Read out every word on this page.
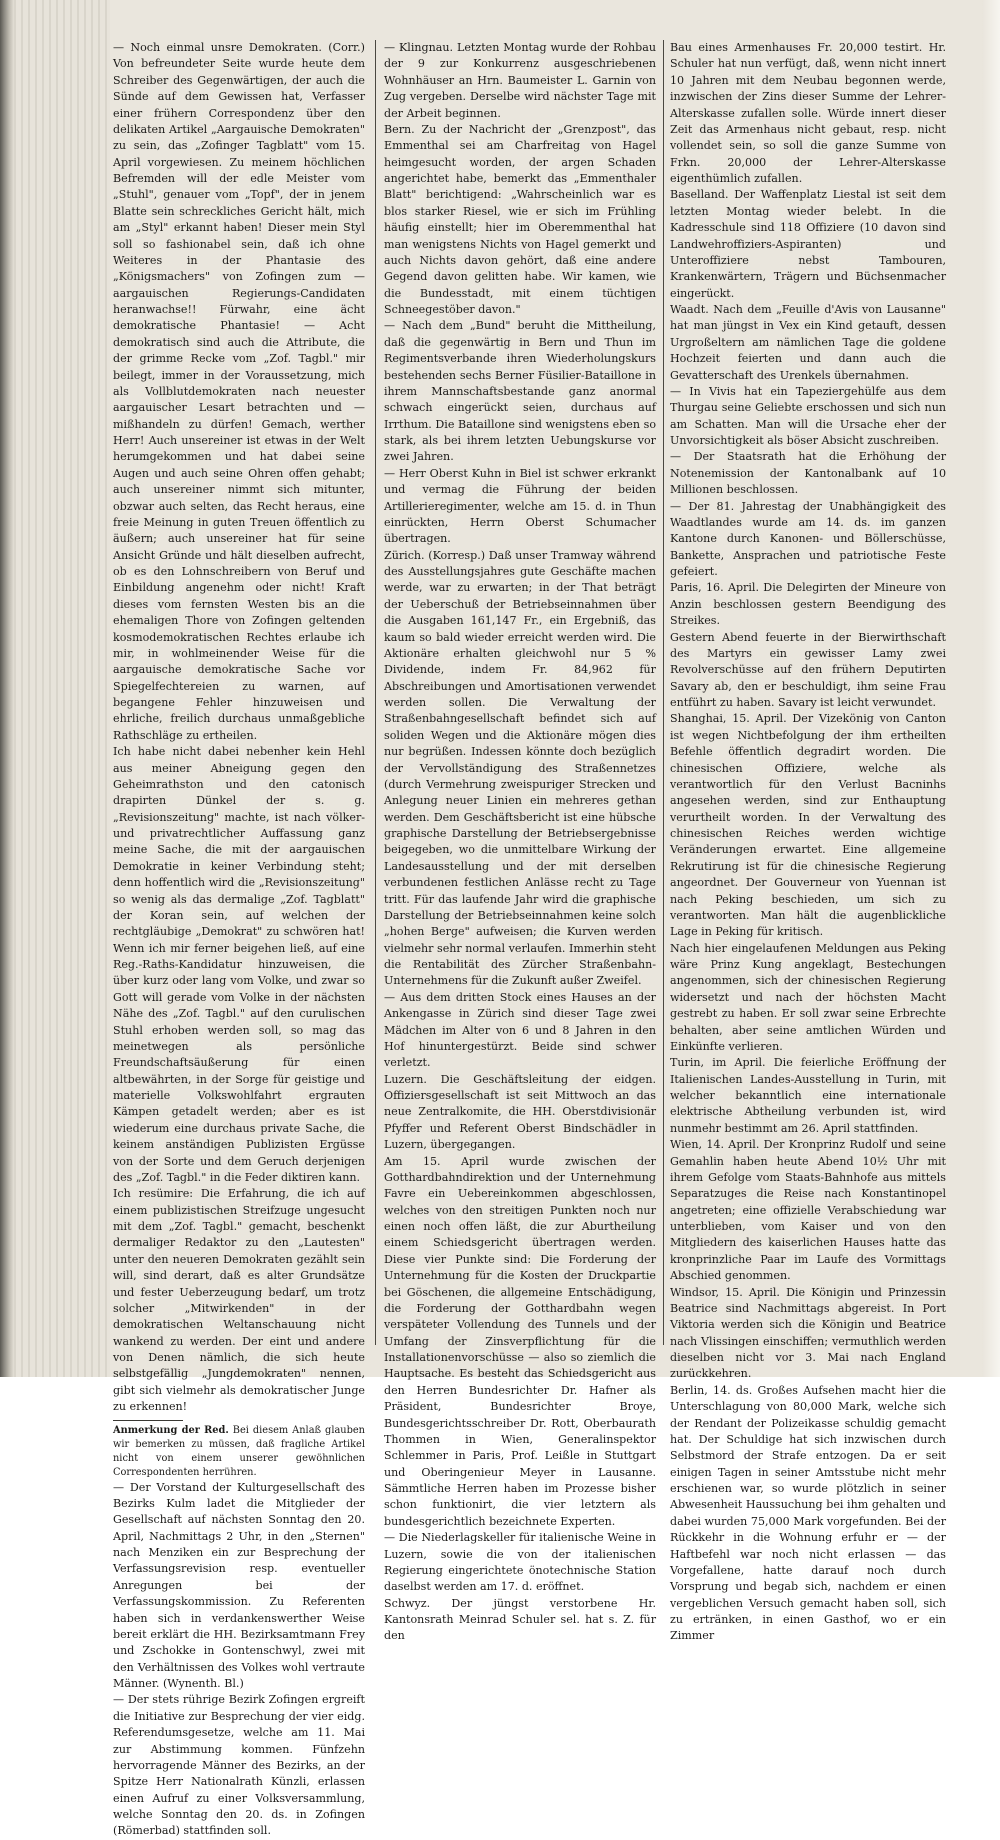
— Noch einmal unsre Demokraten. (Corr.) Von befreundeter Seite wurde heute dem Schreiber des Gegenwärtigen, der auch die Sünde auf dem Gewissen hat, Verfasser einer frühern Correspondenz über den delikaten Artikel „Aargauische Demokraten" zu sein, das „Zofinger Tagblatt" vom 15. April vorgewiesen. Zu meinem höchlichen Befremden will der edle Meister vom „Stuhl", genauer vom „Topf", der in jenem Blatte sein schreckliches Gericht hält, mich am „Styl" erkannt haben! Dieser mein Styl soll so fashionabel sein, daß ich ohne Weiteres in der Phantasie des „Königsmachers" von Zofingen zum — aargauischen Regierungs-Candidaten heranwachse!! Fürwahr, eine ächt demokratische Phantasie! — Acht demokratisch sind auch die Attribute, die der grimme Recke vom „Zof. Tagbl." mir beilegt, immer in der Voraussetzung, mich als Vollblutdemokraten nach neuester aargauischer Lesart betrachten und — mißhandeln zu dürfen! Gemach, werther Herr! Auch unsereiner ist etwas in der Welt herumgekommen und hat dabei seine Augen und auch seine Ohren offen gehabt; auch unsereiner nimmt sich mitunter, obzwar auch selten, das Recht heraus, eine freie Meinung in guten Treuen öffentlich zu äußern; auch unsereiner hat für seine Ansicht Gründe und hält dieselben aufrecht, ob es den Lohnschreibern von Beruf und Einbildung angenehm oder nicht! Kraft dieses vom fernsten Westen bis an die ehemaligen Thore von Zofingen geltenden kosmodemokratischen Rechtes erlaube ich mir, in wohlmeinender Weise für die aargauische demokratische Sache vor Spiegelfechtereien zu warnen, auf begangene Fehler hinzuweisen und ehrliche, freilich durchaus unmaßgebliche Rathschläge zu ertheilen.

Ich habe nicht dabei nebenher kein Hehl aus meiner Abneigung gegen den Geheimrathston und den catonisch drapirten Dünkel der s. g. „Revisionszeitung" machte, ist nach völker- und privatrechtlicher Auffassung ganz meine Sache, die mit der aargauischen Demokratie in keiner Verbindung steht; denn hoffentlich wird die „Revisionszeitung" so wenig als das dermalige „Zof. Tagblatt" der Koran sein, auf welchen der rechtgläubige „Demokrat" zu schwören hat! Wenn ich mir ferner beigehen ließ, auf eine Reg.-Raths-Kandidatur hinzuweisen, die über kurz oder lang vom Volke, und zwar so Gott will gerade vom Volke in der nächsten Nähe des „Zof. Tagbl." auf den curulischen Stuhl erhoben werden soll, so mag das meinetwegen als persönliche Freundschaftsäußerung für einen altbewährten, in der Sorge für geistige und materielle Volkswohlfahrt ergrauten Kämpen getadelt werden; aber es ist wiederum eine durchaus private Sache, die keinem anständigen Publizisten Ergüsse von der Sorte und dem Geruch derjenigen des „Zof. Tagbl." in die Feder diktiren kann.

Ich resümire: Die Erfahrung, die ich auf einem publizistischen Streifzuge ungesucht mit dem „Zof. Tagbl." gemacht, beschenkt dermaliger Redaktor zu den „Lautesten" unter den neueren Demokraten gezählt sein will, sind derart, daß es alter Grundsätze und fester Ueberzeugung bedarf, um trotz solcher „Mitwirkenden" in der demokratischen Weltanschauung nicht wankend zu werden. Der eint und andere von Denen nämlich, die sich heute selbstgefällig „Jungdemokraten" nennen, gibt sich vielmehr als demokratischer Junge zu erkennen!

Anmerkung der Red. Bei diesem Anlaß glauben wir bemerken zu müssen, daß fragliche Artikel nicht von einem unserer gewöhnlichen Correspondenten herrühren.

— Der Vorstand der Kulturgesellschaft des Bezirks Kulm ladet die Mitglieder der Gesellschaft auf nächsten Sonntag den 20. April, Nachmittags 2 Uhr, in den „Sternen" nach Menziken ein zur Besprechung der Verfassungsrevision resp. eventueller Anregungen bei der Verfassungskommission. Zu Referenten haben sich in verdankenswerther Weise bereit erklärt die HH. Bezirksamtmann Frey und Zschokke in Gontenschwyl, zwei mit den Verhältnissen des Volkes wohl vertraute Männer. (Wynenth. Bl.)

— Der stets rührige Bezirk Zofingen ergreift die Initiative zur Besprechung der vier eidg. Referendumsgesetze, welche am 11. Mai zur Abstimmung kommen. Fünfzehn hervorragende Männer des Bezirks, an der Spitze Herr Nationalrath Künzli, erlassen einen Aufruf zu einer Volksversammlung, welche Sonntag den 20. ds. in Zofingen (Römerbad) stattfinden soll.

— Klingnau. Letzten Montag wurde der Rohbau der 9 zur Konkurrenz ausgeschriebenen Wohnhäuser an Hrn. Baumeister L. Garnin von Zug vergeben. Derselbe wird nächster Tage mit der Arbeit beginnen.

Bern. Zu der Nachricht der „Grenzpost", das Emmenthal sei am Charfreitag von Hagel heimgesucht worden, der argen Schaden angerichtet habe, bemerkt das „Emmenthaler Blatt" berichtigend: „Wahrscheinlich war es blos starker Riesel, wie er sich im Frühling häufig einstellt; hier im Oberemmenthal hat man wenigstens Nichts von Hagel gemerkt und auch Nichts davon gehört, daß eine andere Gegend davon gelitten habe. Wir kamen, wie die Bundesstadt, mit einem tüchtigen Schneegestöber davon."

— Nach dem „Bund" beruht die Mittheilung, daß die gegenwärtig in Bern und Thun im Regimentsverbande ihren Wiederholungskurs bestehenden sechs Berner Füsilier-Bataillone in ihrem Mannschaftsbestande ganz anormal schwach eingerückt seien, durchaus auf Irrthum. Die Bataillone sind wenigstens eben so stark, als bei ihrem letzten Uebungskurse vor zwei Jahren.

— Herr Oberst Kuhn in Biel ist schwer erkrankt und vermag die Führung der beiden Artillerieregimenter, welche am 15. d. in Thun einrückten, Herrn Oberst Schumacher übertragen.

Zürich. (Korresp.) Daß unser Tramway während des Ausstellungsjahres gute Geschäfte machen werde, war zu erwarten; in der That beträgt der Ueberschuß der Betriebseinnahmen über die Ausgaben 161,147 Fr., ein Ergebniß, das kaum so bald wieder erreicht werden wird. Die Aktionäre erhalten gleichwohl nur 5 % Dividende, indem Fr. 84,962 für Abschreibungen und Amortisationen verwendet werden sollen. Die Verwaltung der Straßenbahngesellschaft befindet sich auf soliden Wegen und die Aktionäre mögen dies nur begrüßen. Indessen könnte doch bezüglich der Vervollständigung des Straßennetzes (durch Vermehrung zweispuriger Strecken und Anlegung neuer Linien ein mehreres gethan werden. Dem Geschäftsbericht ist eine hübsche graphische Darstellung der Betriebsergebnisse beigegeben, wo die unmittelbare Wirkung der Landesausstellung und der mit derselben verbundenen festlichen Anlässe recht zu Tage tritt. Für das laufende Jahr wird die graphische Darstellung der Betriebseinnahmen keine solch „hohen Berge" aufweisen; die Kurven werden vielmehr sehr normal verlaufen. Immerhin steht die Rentabilität des Zürcher Straßenbahn-Unternehmens für die Zukunft außer Zweifel.

— Aus dem dritten Stock eines Hauses an der Ankengasse in Zürich sind dieser Tage zwei Mädchen im Alter von 6 und 8 Jahren in den Hof hinuntergestürzt. Beide sind schwer verletzt.

Luzern. Die Geschäftsleitung der eidgen. Offiziersgesellschaft ist seit Mittwoch an das neue Zentralkomite, die HH. Oberstdivisionär Pfyffer und Referent Oberst Bindschädler in Luzern, übergegangen.

Am 15. April wurde zwischen der Gotthardbahndirektion und der Unternehmung Favre ein Uebereinkommen abgeschlossen, welches von den streitigen Punkten noch nur einen noch offen läßt, die zur Aburtheilung einem Schiedsgericht übertragen werden. Diese vier Punkte sind: Die Forderung der Unternehmung für die Kosten der Druckpartie bei Göschenen, die allgemeine Entschädigung, die Forderung der Gotthardbahn wegen verspäteter Vollendung des Tunnels und der Umfang der Zinsverpflichtung für die Installationenvorschüsse — also so ziemlich die Hauptsache. Es besteht das Schiedsgericht aus den Herren Bundesrichter Dr. Hafner als Präsident, Bundesrichter Broye, Bundesgerichtsschreiber Dr. Rott, Oberbaurath Thommen in Wien, Generalinspektor Schlemmer in Paris, Prof. Leißle in Stuttgart und Oberingenieur Meyer in Lausanne. Sämmtliche Herren haben im Prozesse bisher schon funktionirt, die vier letztern als bundesgerichtlich bezeichnete Experten.

— Die Niederlagskeller für italienische Weine in Luzern, sowie die von der italienischen Regierung eingerichtete önotechnische Station daselbst werden am 17. d. eröffnet.

Schwyz. Der jüngst verstorbene Hr. Kantonsrath Meinrad Schuler sel. hat s. Z. für den

Bau eines Armenhauses Fr. 20,000 testirt. Hr. Schuler hat nun verfügt, daß, wenn nicht innert 10 Jahren mit dem Neubau begonnen werde, inzwischen der Zins dieser Summe der Lehrer-Alterskasse zufallen solle. Würde innert dieser Zeit das Armenhaus nicht gebaut, resp. nicht vollendet sein, so soll die ganze Summe von Frkn. 20,000 der Lehrer-Alterskasse eigenthümlich zufallen.

Baselland. Der Waffenplatz Liestal ist seit dem letzten Montag wieder belebt. In die Kadresschule sind 118 Offiziere (10 davon sind Landwehroffiziers-Aspiranten) und Unteroffiziere nebst Tambouren, Krankenwärtern, Trägern und Büchsenmacher eingerückt.

Waadt. Nach dem „Feuille d'Avis von Lausanne" hat man jüngst in Vex ein Kind getauft, dessen Urgroßeltern am nämlichen Tage die goldene Hochzeit feierten und dann auch die Gevatterschaft des Urenkels übernahmen.

— In Vivis hat ein Tapeziergehülfe aus dem Thurgau seine Geliebte erschossen und sich nun am Schatten. Man will die Ursache eher der Unvorsichtigkeit als böser Absicht zuschreiben.

— Der Staatsrath hat die Erhöhung der Notenemission der Kantonalbank auf 10 Millionen beschlossen.

— Der 81. Jahrestag der Unabhängigkeit des Waadtlandes wurde am 14. ds. im ganzen Kantone durch Kanonen- und Böllerschüsse, Bankette, Ansprachen und patriotische Feste gefeiert.

Paris, 16. April. Die Delegirten der Mineure von Anzin beschlossen gestern Beendigung des Streikes.

Gestern Abend feuerte in der Bierwirthschaft des Martyrs ein gewisser Lamy zwei Revolverschüsse auf den frühern Deputirten Savary ab, den er beschuldigt, ihm seine Frau entführt zu haben. Savary ist leicht verwundet.

Shanghai, 15. April. Der Vizekönig von Canton ist wegen Nichtbefolgung der ihm ertheilten Befehle öffentlich degradirt worden. Die chinesischen Offiziere, welche als verantwortlich für den Verlust Bacninhs angesehen werden, sind zur Enthauptung verurtheilt worden. In der Verwaltung des chinesischen Reiches werden wichtige Veränderungen erwartet. Eine allgemeine Rekrutirung ist für die chinesische Regierung angeordnet. Der Gouverneur von Yuennan ist nach Peking beschieden, um sich zu verantworten. Man hält die augenblickliche Lage in Peking für kritisch.

Nach hier eingelaufenen Meldungen aus Peking wäre Prinz Kung angeklagt, Bestechungen angenommen, sich der chinesischen Regierung widersetzt und nach der höchsten Macht gestrebt zu haben. Er soll zwar seine Erbrechte behalten, aber seine amtlichen Würden und Einkünfte verlieren.

Turin, im April. Die feierliche Eröffnung der Italienischen Landes-Ausstellung in Turin, mit welcher bekanntlich eine internationale elektrische Abtheilung verbunden ist, wird nunmehr bestimmt am 26. April stattfinden.

Wien, 14. April. Der Kronprinz Rudolf und seine Gemahlin haben heute Abend 10½ Uhr mit ihrem Gefolge vom Staats-Bahnhofe aus mittels Separatzuges die Reise nach Konstantinopel angetreten; eine offizielle Verabschiedung war unterblieben, vom Kaiser und von den Mitgliedern des kaiserlichen Hauses hatte das kronprinzliche Paar im Laufe des Vormittags Abschied genommen.

Windsor, 15. April. Die Königin und Prinzessin Beatrice sind Nachmittags abgereist. In Port Viktoria werden sich die Königin und Beatrice nach Vlissingen einschiffen; vermuthlich werden dieselben nicht vor 3. Mai nach England zurückkehren.

Berlin, 14. ds. Großes Aufsehen macht hier die Unterschlagung von 80,000 Mark, welche sich der Rendant der Polizeikasse schuldig gemacht hat. Der Schuldige hat sich inzwischen durch Selbstmord der Strafe entzogen. Da er seit einigen Tagen in seiner Amtsstube nicht mehr erschienen war, so wurde plötzlich in seiner Abwesenheit Haussuchung bei ihm gehalten und dabei wurden 75,000 Mark vorgefunden. Bei der Rückkehr in die Wohnung erfuhr er — der Haftbefehl war noch nicht erlassen — das Vorgefallene, hatte darauf noch durch Vorsprung und begab sich, nachdem er einen vergeblichen Versuch gemacht haben soll, sich zu ertränken, in einen Gasthof, wo er ein Zimmer
